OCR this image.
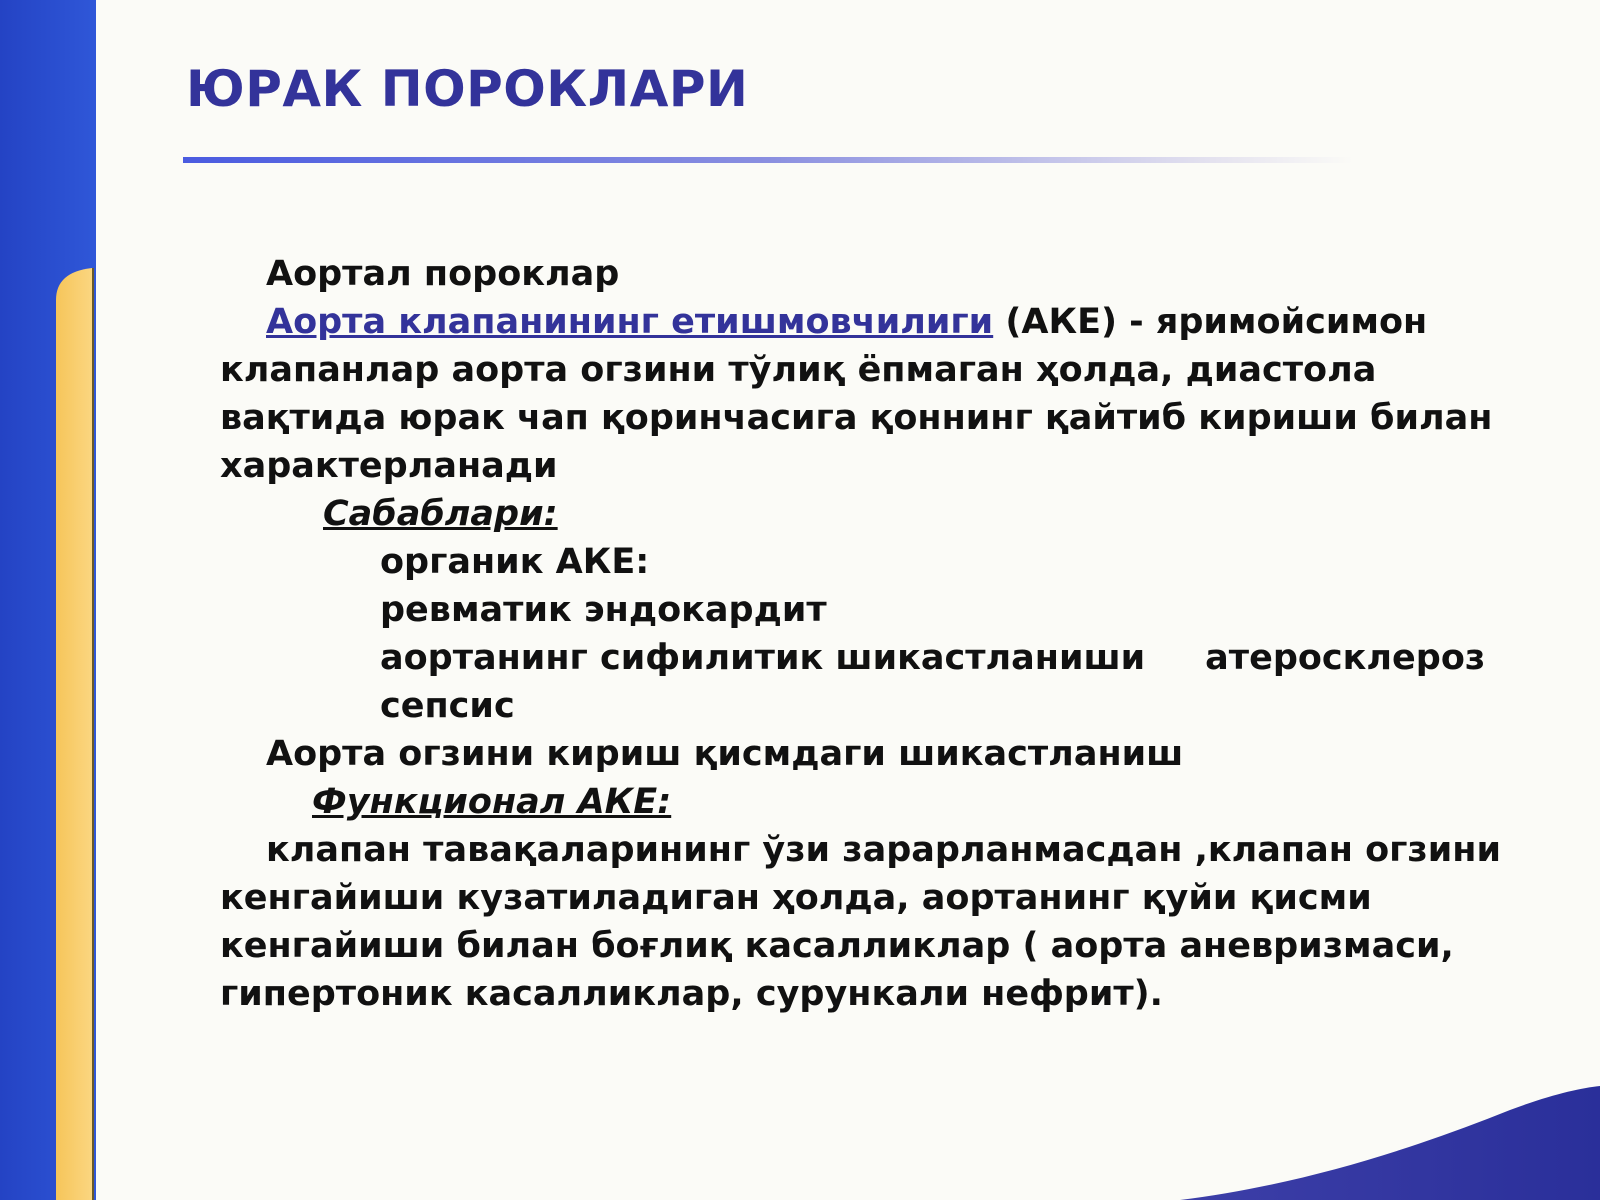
ЮРАК ПОРОКЛАРИ

Аортал пороклар

Аорта клапанининг етишмовчилиги (АКЕ) - яримойсимон

клапанлар аорта огзини тўлиқ ёпмаган ҳолда, диастола

вақтида юрак чап қоринчасига қоннинг қайтиб кириши билан

характерланади

Сабаблари:

органик АКЕ:

ревматик эндокардит

аортанинг сифилитик шикастланиши атеросклероз

сепсис

Аорта огзини кириш қисмдаги шикастланиш

Функционал АКЕ:

клапан тавақаларининг ўзи зарарланмасдан ,клапан огзини

кенгайиши кузатиладиган ҳолда, аортанинг қуйи қисми

кенгайиши билан боғлиқ касалликлар ( аорта аневризмаси,

гипертоник касалликлар, сурункали нефрит).
